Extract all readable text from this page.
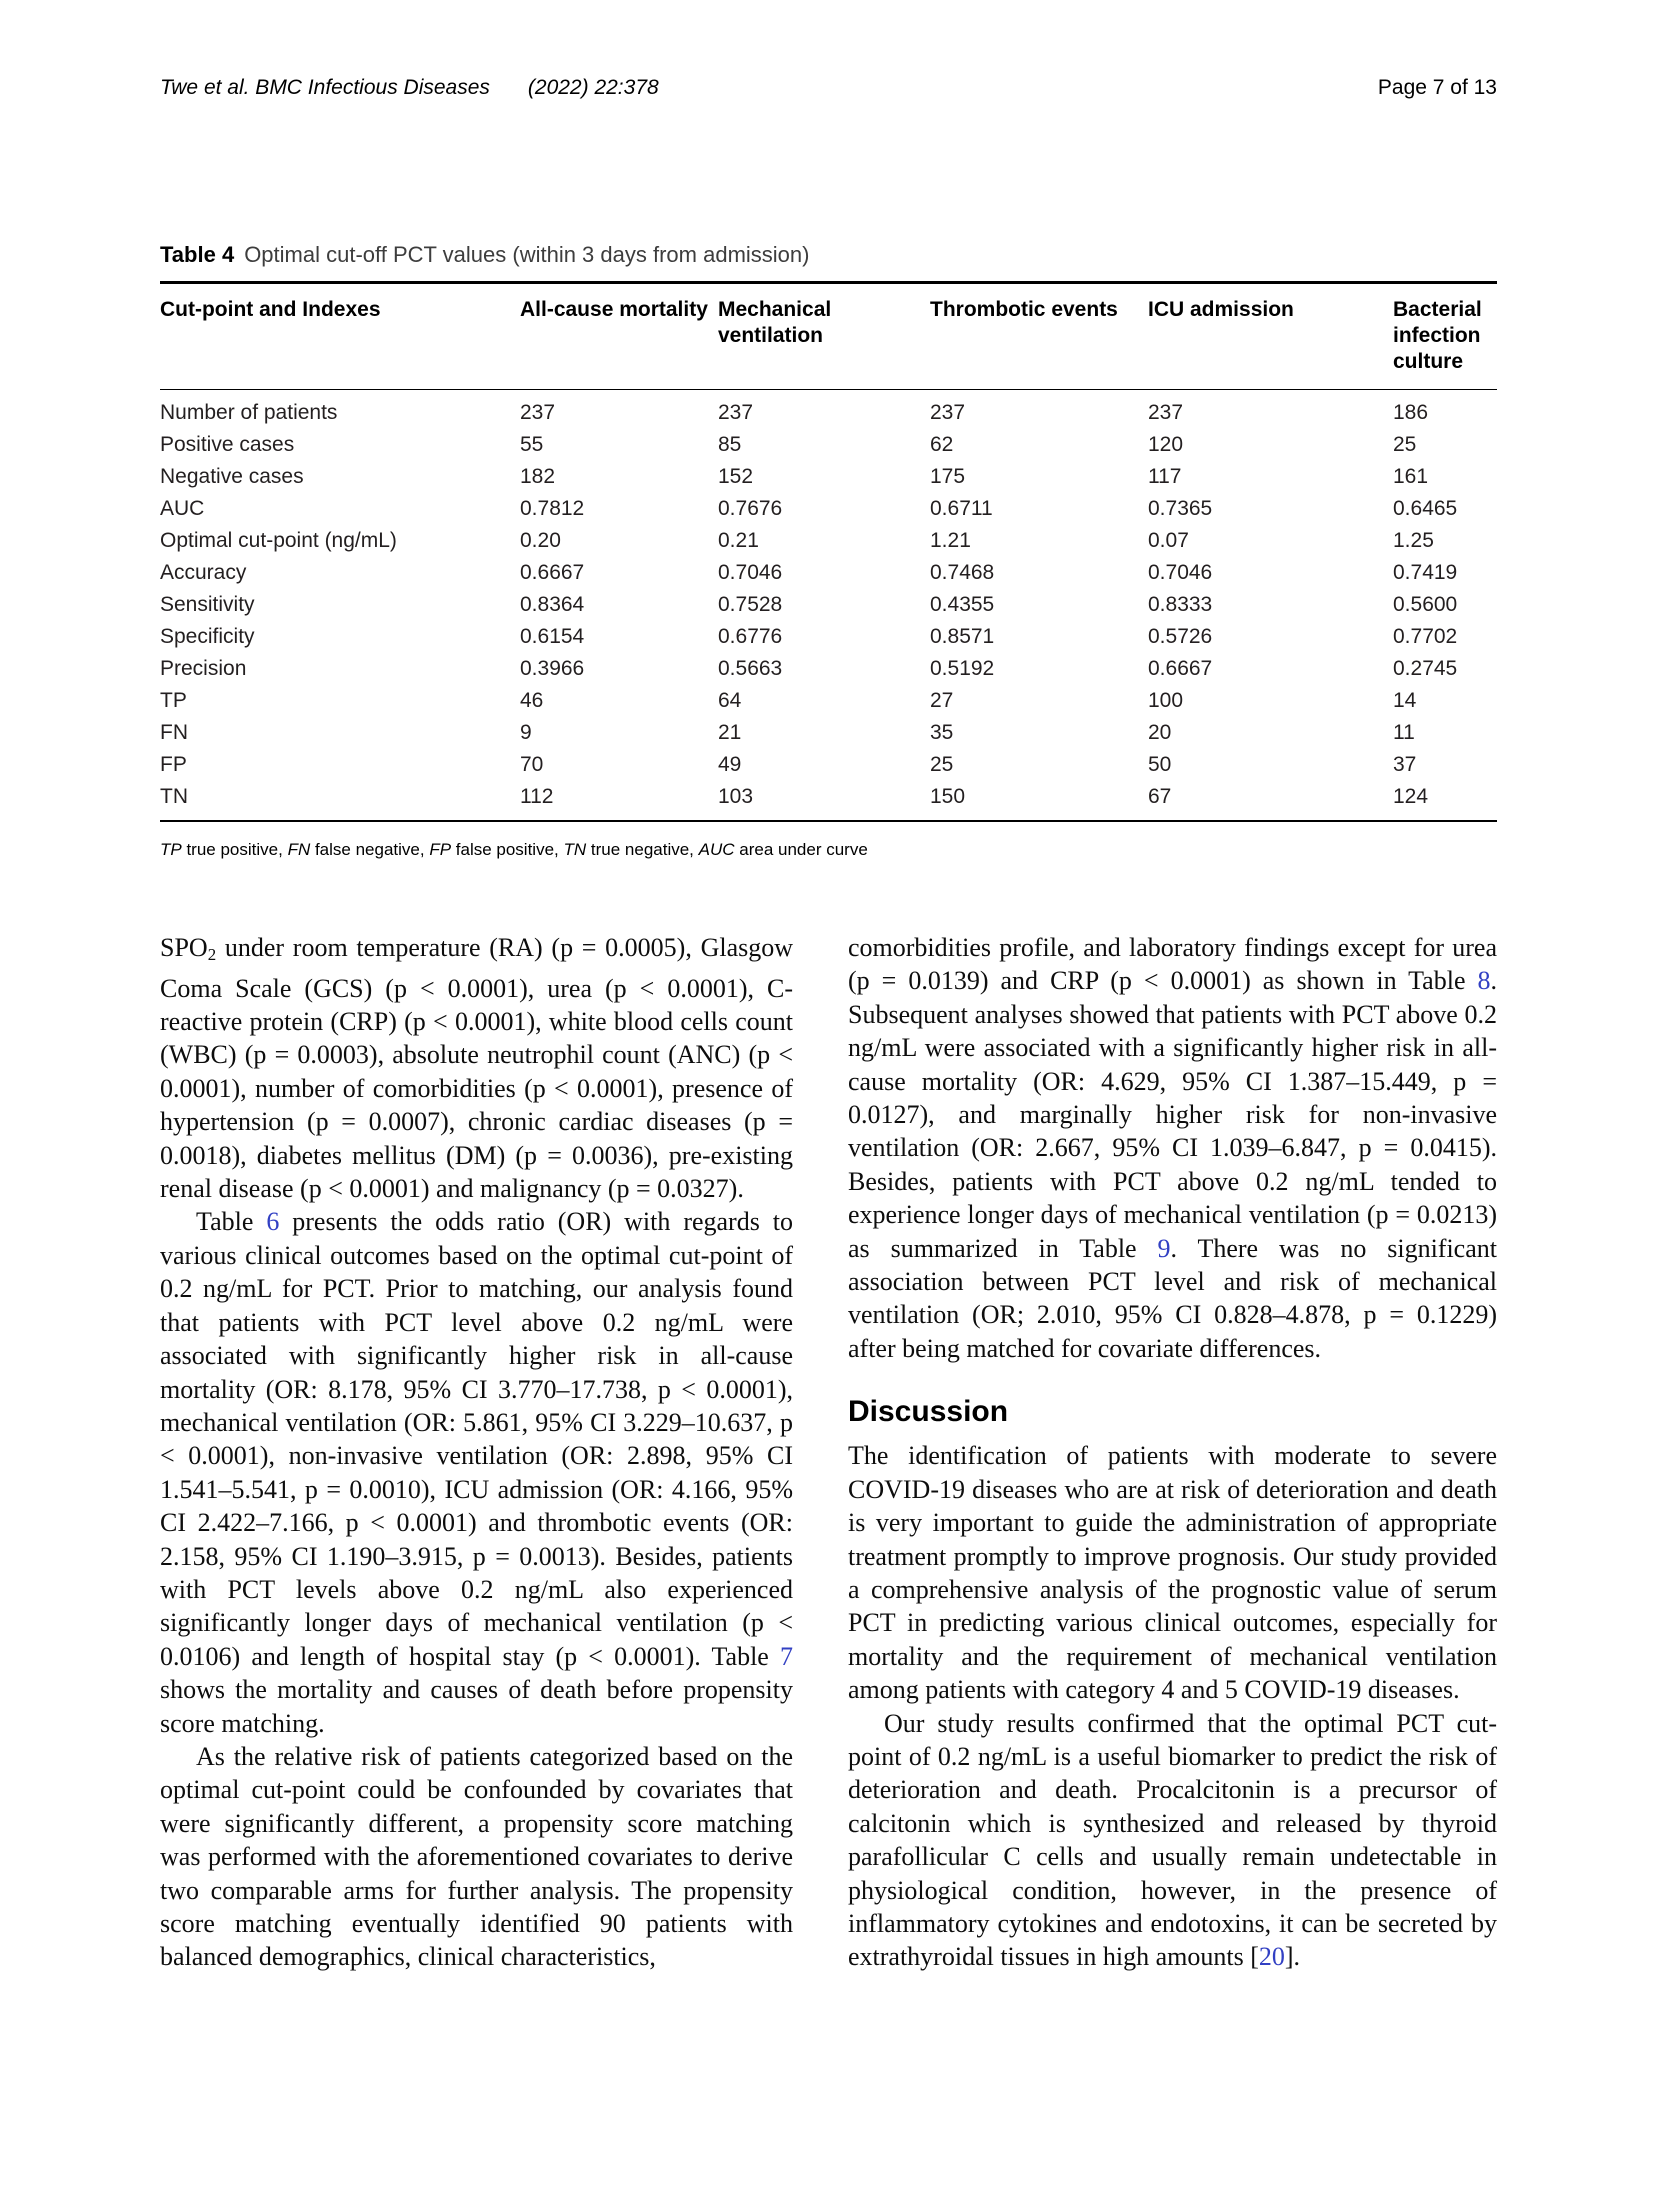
Twe et al. BMC Infectious Diseases (2022) 22:378	Page 7 of 13
Table 4 Optimal cut-off PCT values (within 3 days from admission)
Cut-point and Indexes	All-cause mortality	Mechanical ventilation	Thrombotic events	ICU admission	Bacterial infection culture
Number of patients	237	237	237	237	186
Positive cases	55	85	62	120	25
Negative cases	182	152	175	117	161
AUC	0.7812	0.7676	0.6711	0.7365	0.6465
Optimal cut-point (ng/mL)	0.20	0.21	1.21	0.07	1.25
Accuracy	0.6667	0.7046	0.7468	0.7046	0.7419
Sensitivity	0.8364	0.7528	0.4355	0.8333	0.5600
Specificity	0.6154	0.6776	0.8571	0.5726	0.7702
Precision	0.3966	0.5663	0.5192	0.6667	0.2745
TP	46	64	27	100	14
FN	9	21	35	20	11
FP	70	49	25	50	37
TN	112	103	150	67	124
TP true positive, FN false negative, FP false positive, TN true negative, AUC area under curve

$SPO_2$ under room temperature (RA) (p = 0.0005), Glasgow Coma Scale (GCS) (p < 0.0001), urea (p < 0.0001), C-reactive protein (CRP) (p < 0.0001), white blood cells count (WBC) (p = 0.0003), absolute neutrophil count (ANC) (p < 0.0001), number of comorbidities (p < 0.0001), presence of hypertension (p = 0.0007), chronic cardiac diseases (p = 0.0018), diabetes mellitus (DM) (p = 0.0036), pre-existing renal disease (p < 0.0001) and malignancy (p = 0.0327).

Table 6 presents the odds ratio (OR) with regards to various clinical outcomes based on the optimal cut-point of 0.2 ng/mL for PCT. Prior to matching, our analysis found that patients with PCT level above 0.2 ng/mL were associated with significantly higher risk in all-cause mortality (OR: 8.178, 95% CI 3.770–17.738, p < 0.0001), mechanical ventilation (OR: 5.861, 95% CI 3.229–10.637, p < 0.0001), non-invasive ventilation (OR: 2.898, 95% CI 1.541–5.541, p = 0.0010), ICU admission (OR: 4.166, 95% CI 2.422–7.166, p < 0.0001) and thrombotic events (OR: 2.158, 95% CI 1.190–3.915, p = 0.0013). Besides, patients with PCT levels above 0.2 ng/mL also experienced significantly longer days of mechanical ventilation (p < 0.0106) and length of hospital stay (p < 0.0001). Table 7 shows the mortality and causes of death before propensity score matching.

As the relative risk of patients categorized based on the optimal cut-point could be confounded by covariates that were significantly different, a propensity score matching was performed with the aforementioned covariates to derive two comparable arms for further analysis. The propensity score matching eventually identified 90 patients with balanced demographics, clinical characteristics,

comorbidities profile, and laboratory findings except for urea (p = 0.0139) and CRP (p < 0.0001) as shown in Table 8. Subsequent analyses showed that patients with PCT above 0.2 ng/mL were associated with a significantly higher risk in all-cause mortality (OR: 4.629, 95% CI 1.387–15.449, p = 0.0127), and marginally higher risk for non-invasive ventilation (OR: 2.667, 95% CI 1.039–6.847, p = 0.0415). Besides, patients with PCT above 0.2 ng/mL tended to experience longer days of mechanical ventilation (p = 0.0213) as summarized in Table 9. There was no significant association between PCT level and risk of mechanical ventilation (OR; 2.010, 95% CI 0.828–4.878, p = 0.1229) after being matched for covariate differences.

Discussion

The identification of patients with moderate to severe COVID-19 diseases who are at risk of deterioration and death is very important to guide the administration of appropriate treatment promptly to improve prognosis. Our study provided a comprehensive analysis of the prognostic value of serum PCT in predicting various clinical outcomes, especially for mortality and the requirement of mechanical ventilation among patients with category 4 and 5 COVID-19 diseases.

Our study results confirmed that the optimal PCT cut-point of 0.2 ng/mL is a useful biomarker to predict the risk of deterioration and death. Procalcitonin is a precursor of calcitonin which is synthesized and released by thyroid parafollicular C cells and usually remain undetectable in physiological condition, however, in the presence of inflammatory cytokines and endotoxins, it can be secreted by extrathyroidal tissues in high amounts [20].
